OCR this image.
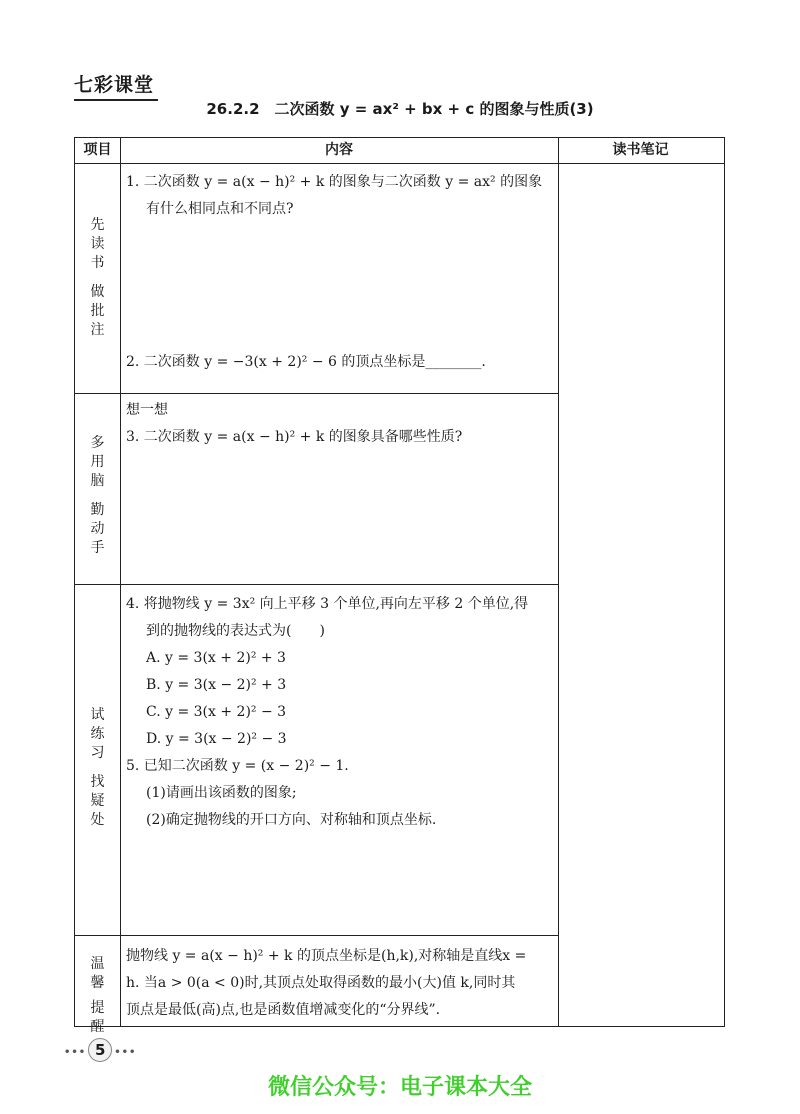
七彩课堂
26.2.2　二次函数 y = ax² + bx + c 的图象与性质(3)
项目	内容	读书笔记
先
读
书
做
批
注

1. 二次函数 y = a(x − h)² + k 的图象与二次函数 y = ax² 的图象

有什么相同点和不同点?

2. 二次函数 y = −3(x + 2)² − 6 的顶点坐标是________.

多
用
脑
勤
动
手

想一想

3. 二次函数 y = a(x − h)² + k 的图象具备哪些性质?

试
练
习
找
疑
处

4. 将抛物线 y = 3x² 向上平移 3 个单位,再向左平移 2 个单位,得

到的抛物线的表达式为(　　)

A. y = 3(x + 2)² + 3

B. y = 3(x − 2)² + 3

C. y = 3(x + 2)² − 3

D. y = 3(x − 2)² − 3

5. 已知二次函数 y = (x − 2)² − 1.

(1)请画出该函数的图象;

(2)确定抛物线的开口方向、对称轴和顶点坐标.

温
馨
提
醒

抛物线 y = a(x − h)² + k 的顶点坐标是(h,k),对称轴是直线x =

h. 当a > 0(a < 0)时,其顶点处取得函数的最小(大)值 k,同时其

顶点是最低(高)点,也是函数值增减变化的“分界线”.

••• 5 •••
微信公众号：电子课本大全
